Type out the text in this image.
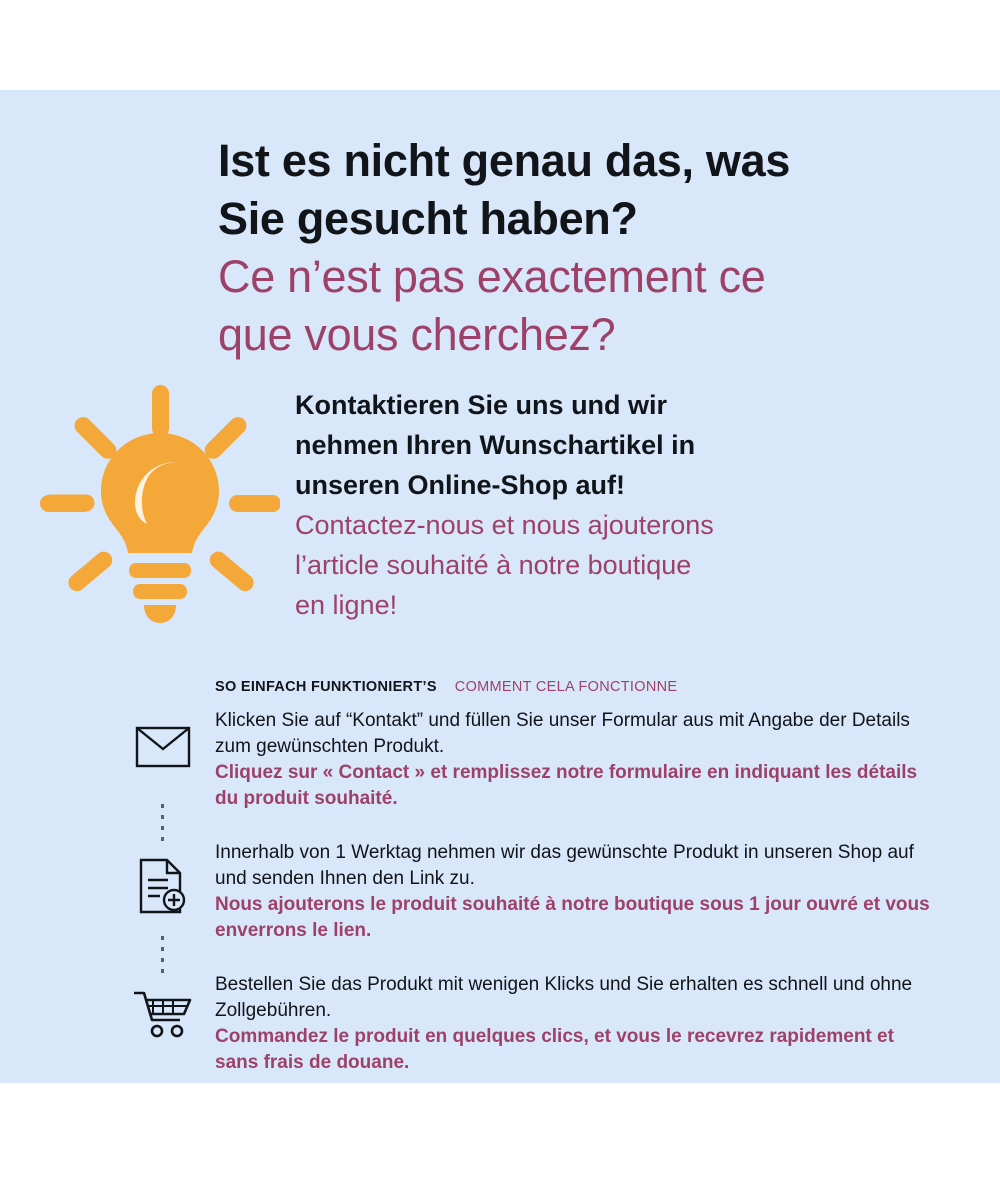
Ist es nicht genau das, was
Sie gesucht haben?
Ce n’est pas exactement ce
que vous cherchez?
Kontaktieren Sie uns und wir
nehmen Ihren Wunschartikel in
unseren Online-Shop auf!
Contactez-nous et nous ajouterons
l’article souhaité à notre boutique
en ligne!
SO EINFACH FUNKTIONIERT’S COMMENT CELA FONCTIONNE

Klicken Sie auf “Kontakt” und füllen Sie unser Formular aus mit Angabe der Details zum gewünschten Produkt.

Cliquez sur « Contact » et remplissez notre formulaire en indiquant les détails du produit souhaité.

Innerhalb von 1 Werktag nehmen wir das gewünschte Produkt in unseren Shop auf und senden Ihnen den Link zu.

Nous ajouterons le produit souhaité à notre boutique sous 1 jour ouvré et vous enverrons le lien.

Bestellen Sie das Produkt mit wenigen Klicks und Sie erhalten es schnell und ohne Zollgebühren.

Commandez le produit en quelques clics, et vous le recevrez rapidement et sans frais de douane.
